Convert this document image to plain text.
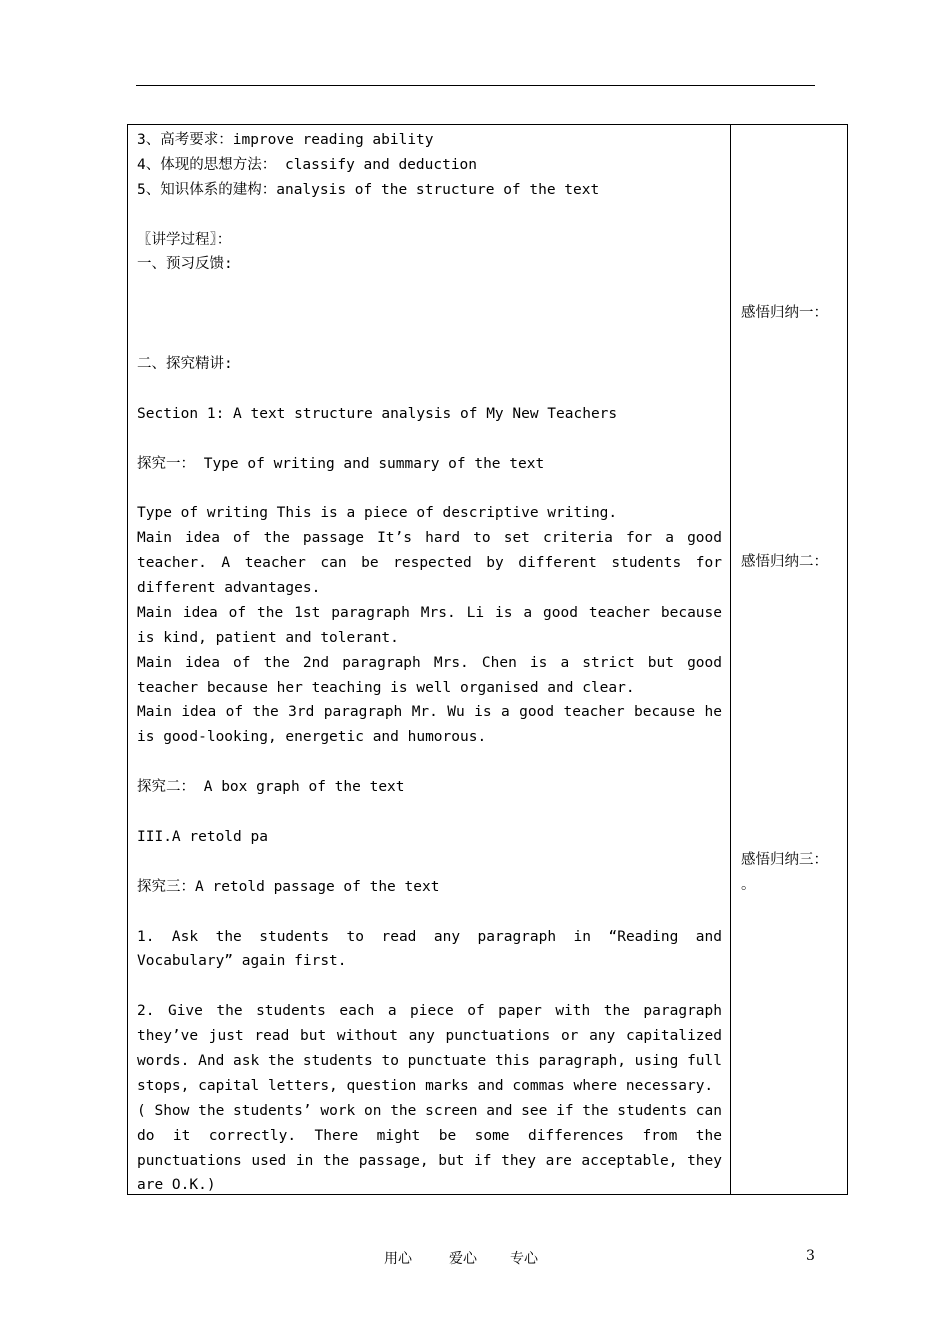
3、高考要求：improve reading ability
4、体现的思想方法： classify and deduction
5、知识体系的建构：analysis of the structure of the text
〖讲学过程〗：
一、预习反馈:
二、探究精讲:
Section 1: A text structure analysis of My New Teachers
探究一： Type of writing and summary of the text
Type of writing This is a piece of descriptive writing.
Main idea of the passage It’s hard to set criteria for a good
teacher. A teacher can be respected by different students for
different advantages.
Main idea of the 1st paragraph Mrs. Li is a good teacher because
is kind, patient and tolerant.
Main idea of the 2nd paragraph Mrs. Chen is a strict but good
teacher because her teaching is well organised and clear.
Main idea of the 3rd paragraph Mr. Wu is a good teacher because he
is good-looking, energetic and humorous.
探究二： A box graph of the text
III.A retold pa
探究三：A retold passage of the text
1. Ask the students to read any paragraph in “Reading and
Vocabulary” again first.
2. Give the students each a piece of paper with the paragraph
they’ve just read but without any punctuations or any capitalized
words. And ask the students to punctuate this paragraph, using full
stops, capital letters, question marks and commas where necessary.
( Show the students’ work on the screen and see if the students can
do it correctly. There might be some differences from the
punctuations used in the passage, but if they are acceptable, they
are O.K.)
感悟归纳一：
感悟归纳二：
感悟归纳三：
。
用心	爱心 专心	3
